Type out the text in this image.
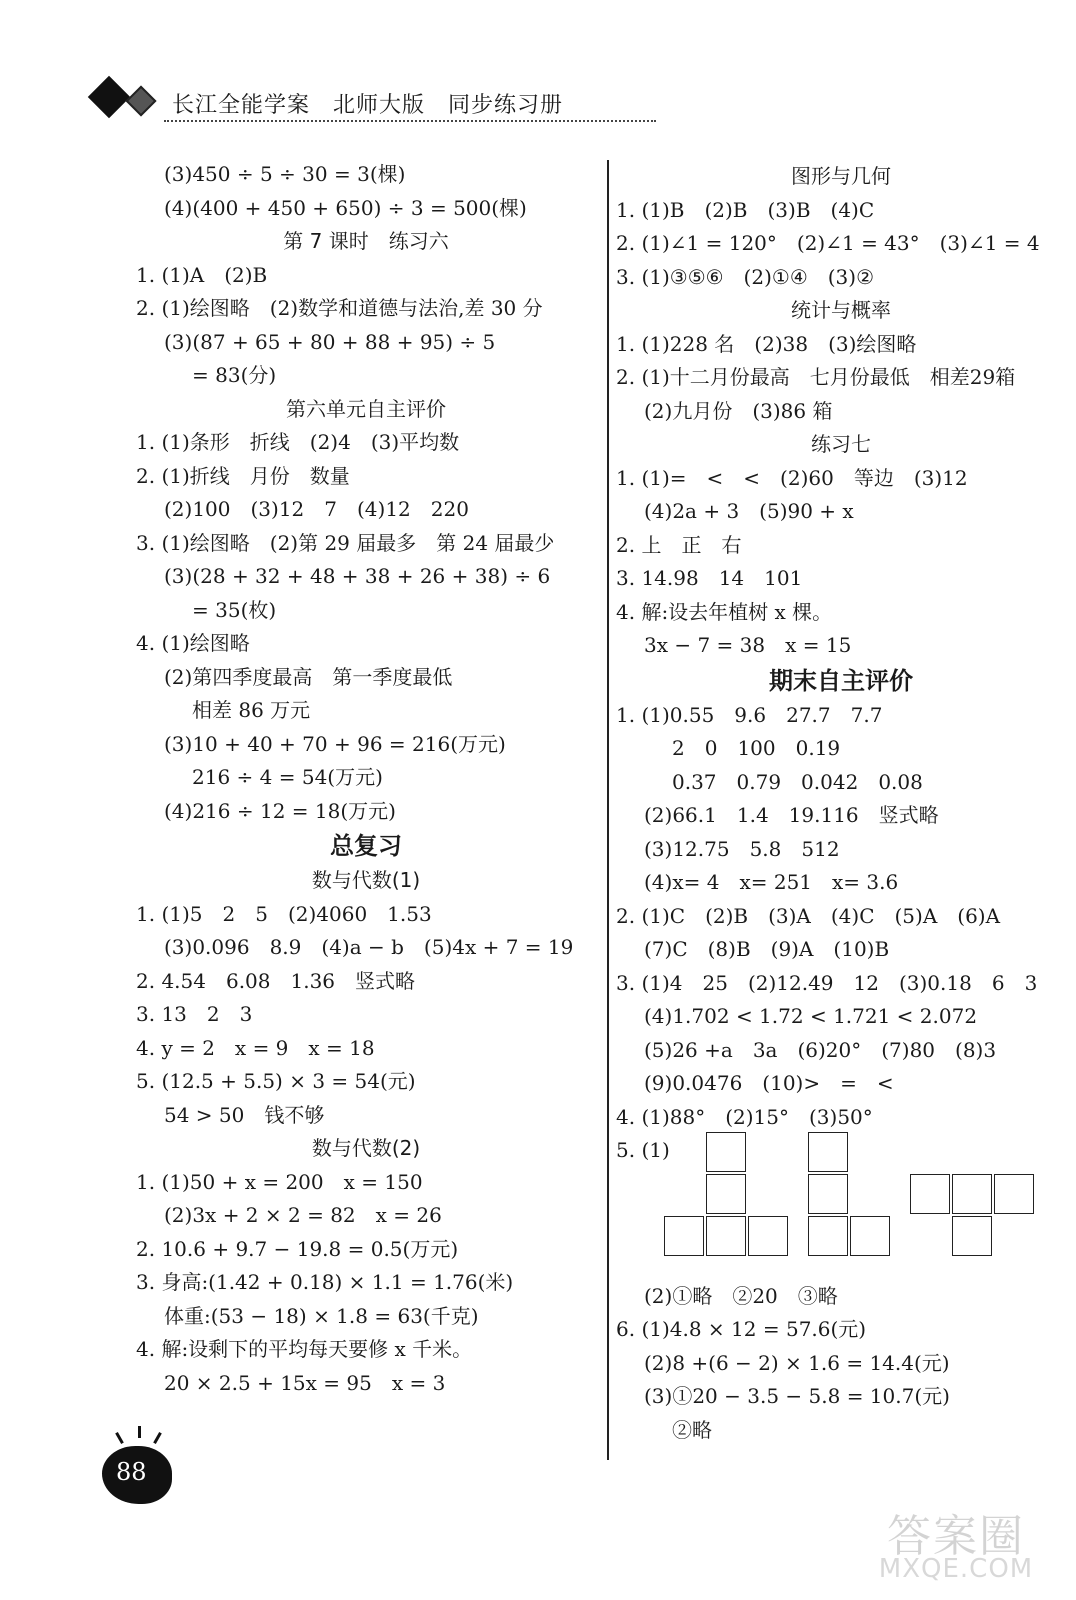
长江全能学案　北师大版　同步练习册
(3)450 ÷ 5 ÷ 30 = 3(棵)
(4)(400 + 450 + 650) ÷ 3 = 500(棵)
第 7 课时　练习六
1. (1)A　(2)B
2. (1)绘图略　(2)数学和道德与法治,差 30 分
(3)(87 + 65 + 80 + 88 + 95) ÷ 5
= 83(分)
第六单元自主评价
1. (1)条形　折线　(2)4　(3)平均数
2. (1)折线　月份　数量
(2)100　(3)12　7　(4)12　220
3. (1)绘图略　(2)第 29 届最多　第 24 届最少
(3)(28 + 32 + 48 + 38 + 26 + 38) ÷ 6
= 35(枚)
4. (1)绘图略
(2)第四季度最高　第一季度最低
相差 86 万元
(3)10 + 40 + 70 + 96 = 216(万元)
216 ÷ 4 = 54(万元)
(4)216 ÷ 12 = 18(万元)
总复习
数与代数(1)
1. (1)5　2　5　(2)4060　1.53
(3)0.096　8.9　(4)a − b　(5)4x + 7 = 19
2. 4.54　6.08　1.36　竖式略
3. 13　2　3
4. y = 2　x = 9　x = 18
5. (12.5 + 5.5) × 3 = 54(元)
54 > 50　钱不够
数与代数(2)
1. (1)50 + x = 200　x = 150
(2)3x + 2 × 2 = 82　x = 26
2. 10.6 + 9.7 − 19.8 = 0.5(万元)
3. 身高:(1.42 + 0.18) × 1.1 = 1.76(米)
体重:(53 − 18) × 1.8 = 63(千克)
4. 解:设剩下的平均每天要修 x 千米。
20 × 2.5 + 15x = 95　x = 3
图形与几何
1. (1)B　(2)B　(3)B　(4)C
2. (1)∠1 = 120°　(2)∠1 = 43°　(3)∠1 = 4
3. (1)③⑤⑥　(2)①④　(3)②
统计与概率
1. (1)228 名　(2)38　(3)绘图略
2. (1)十二月份最高　七月份最低　相差29箱
(2)九月份　(3)86 箱
练习七
1. (1)=　<　<　(2)60　等边　(3)12
(4)2a + 3　(5)90 + x
2. 上　正　右
3. 14.98　14　101
4. 解:设去年植树 x 棵。
3x − 7 = 38　x = 15
期末自主评价
1. (1)0.55　9.6　27.7　7.7
2　0　100　0.19
0.37　0.79　0.042　0.08
(2)66.1　1.4　19.116　竖式略
(3)12.75　5.8　512
(4)x= 4　x= 251　x= 3.6
2. (1)C　(2)B　(3)A　(4)C　(5)A　(6)A
(7)C　(8)B　(9)A　(10)B
3. (1)4　25　(2)12.49　12　(3)0.18　6　3
(4)1.702 < 1.72 < 1.721 < 2.072
(5)26 +a　3a　(6)20°　(7)80　(8)3
(9)0.0476　(10)>　=　<
4. (1)88°　(2)15°　(3)50°
5. (1)
(2)①略　②20　③略
6. (1)4.8 × 12 = 57.6(元)
(2)8 +(6 − 2) × 1.6 = 14.4(元)
(3)①20 − 3.5 − 5.8 = 10.7(元)
②略
88
答案圈
MXQE.COM
